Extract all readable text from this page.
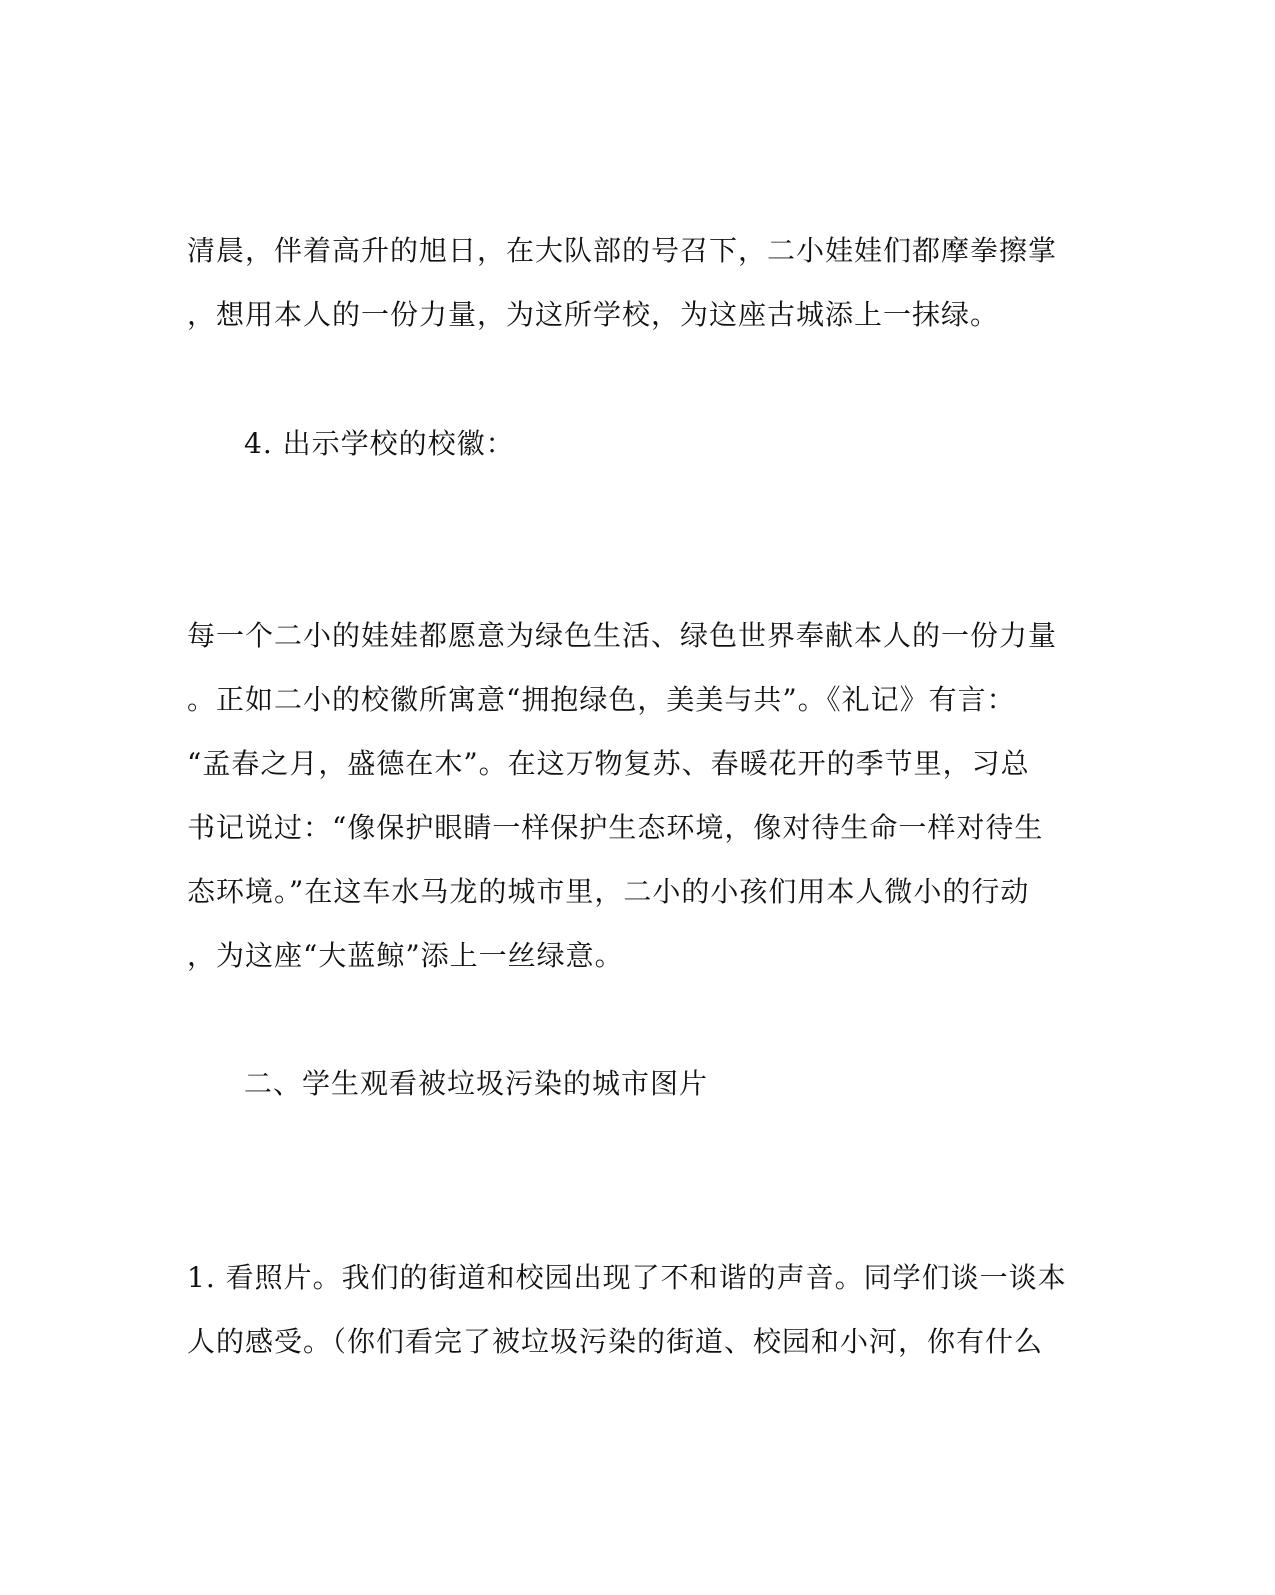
清晨，伴着高升的旭日，在大队部的号召下，二小娃娃们都摩拳擦掌
，想用本人的一份力量，为这所学校，为这座古城添上一抹绿。
4. 出示学校的校徽：
每一个二小的娃娃都愿意为绿色生活、绿色世界奉献本人的一份力量
。正如二小的校徽所寓意“拥抱绿色，美美与共”。《礼记》有言：
“孟春之月，盛德在木”。在这万物复苏、春暖花开的季节里，习总
书记说过：“像保护眼睛一样保护生态环境，像对待生命一样对待生
态环境。”在这车水马龙的城市里，二小的小孩们用本人微小的行动
，为这座“大蓝鲸”添上一丝绿意。
二、学生观看被垃圾污染的城市图片
1. 看照片。我们的街道和校园出现了不和谐的声音。同学们谈一谈本
人的感受。（你们看完了被垃圾污染的街道、校园和小河，你有什么
